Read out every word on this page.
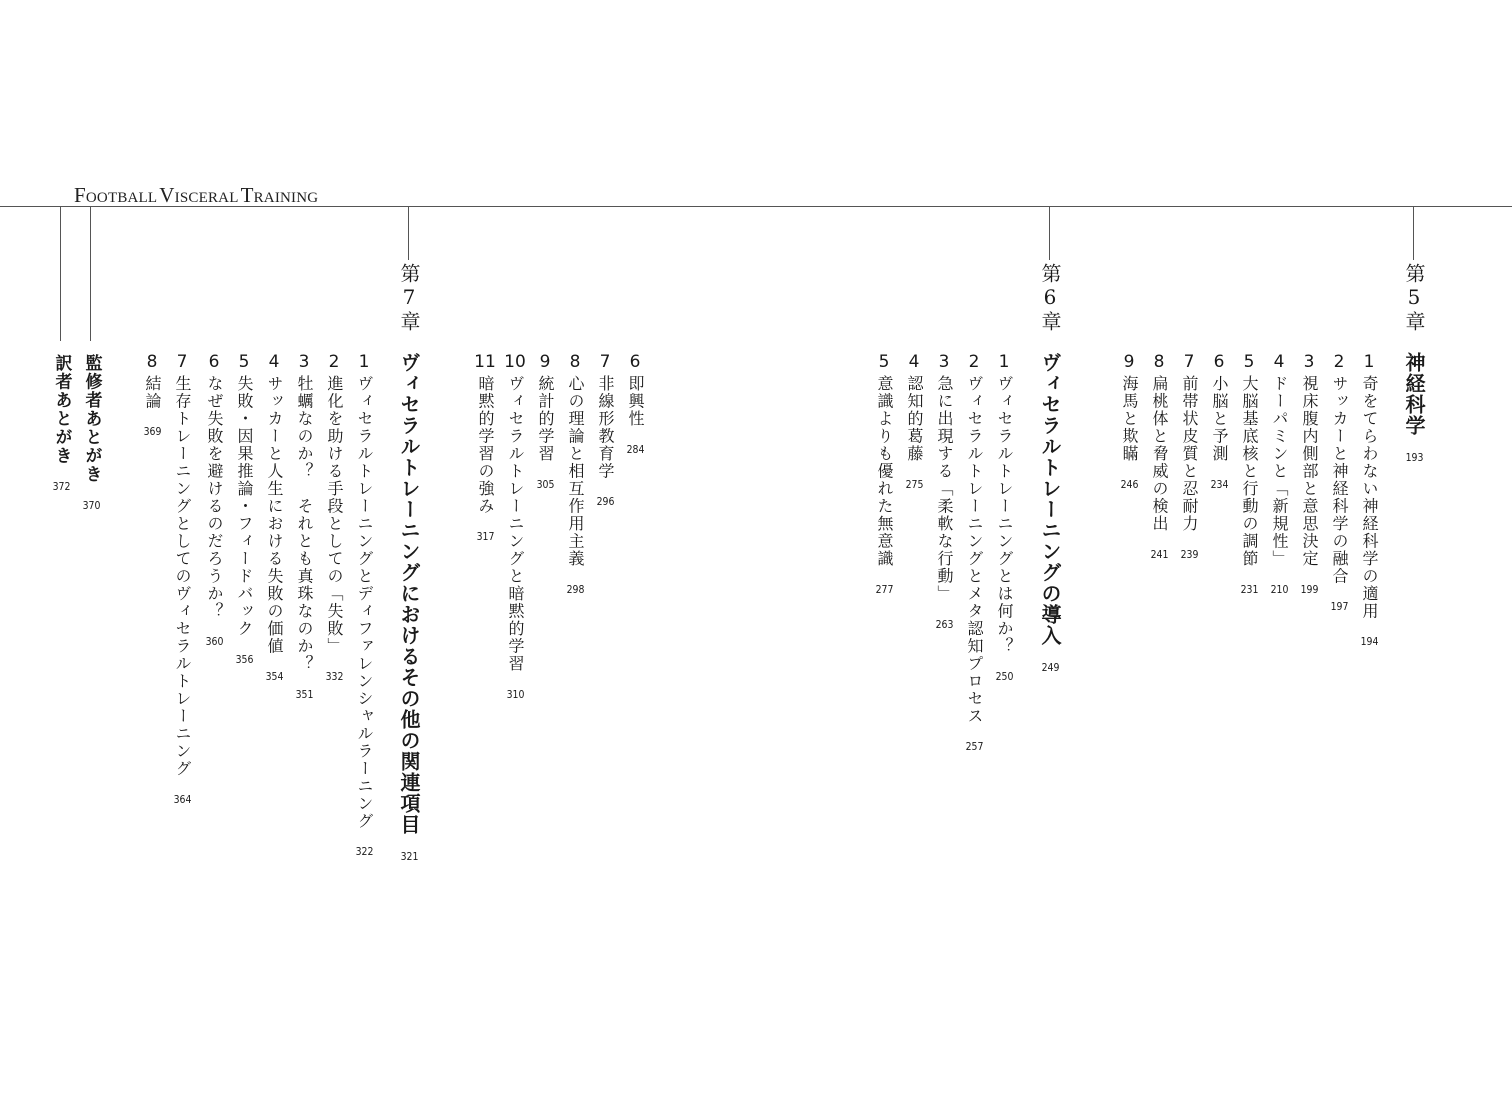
FOOTBALLVISCERALTRAINING
第5章
神経科学
193
1
奇をてらわない神経科学の適用
194
2
サッカーと神経科学の融合
197
3
視床腹内側部と意思決定
199
4
ドーパミンと「新規性」
210
5
大脳基底核と行動の調節
231
6
小脳と予測
234
7
前帯状皮質と忍耐力
239
8
扁桃体と脅威の検出
241
9
海馬と欺瞞
246
第6章
ヴィセラルトレーニングの導入
249
1
ヴィセラルトレーニングとは何か？
250
2
ヴィセラルトレーニングとメタ認知プロセス
257
3
急に出現する「柔軟な行動」
263
4
認知的葛藤
275
5
意識よりも優れた無意識
277
6
即興性
284
7
非線形教育学
296
8
心の理論と相互作用主義
298
9
統計的学習
305
10
ヴィセラルトレーニングと暗黙的学習
310
11
暗黙的学習の強み
317
第7章
ヴィセラルトレーニングにおけるその他の関連項目
321
1
ヴィセラルトレーニングとディファレンシャルラーニング
322
2
進化を助ける手段としての「失敗」
332
3
牡蠣なのか？　それとも真珠なのか？
351
4
サッカーと人生における失敗の価値
354
5
失敗・因果推論・フィードバック
356
6
なぜ失敗を避けるのだろうか？
360
7
生存トレーニングとしてのヴィセラルトレーニング
364
8
結論
369
監修者あとがき
370
訳者あとがき
372
